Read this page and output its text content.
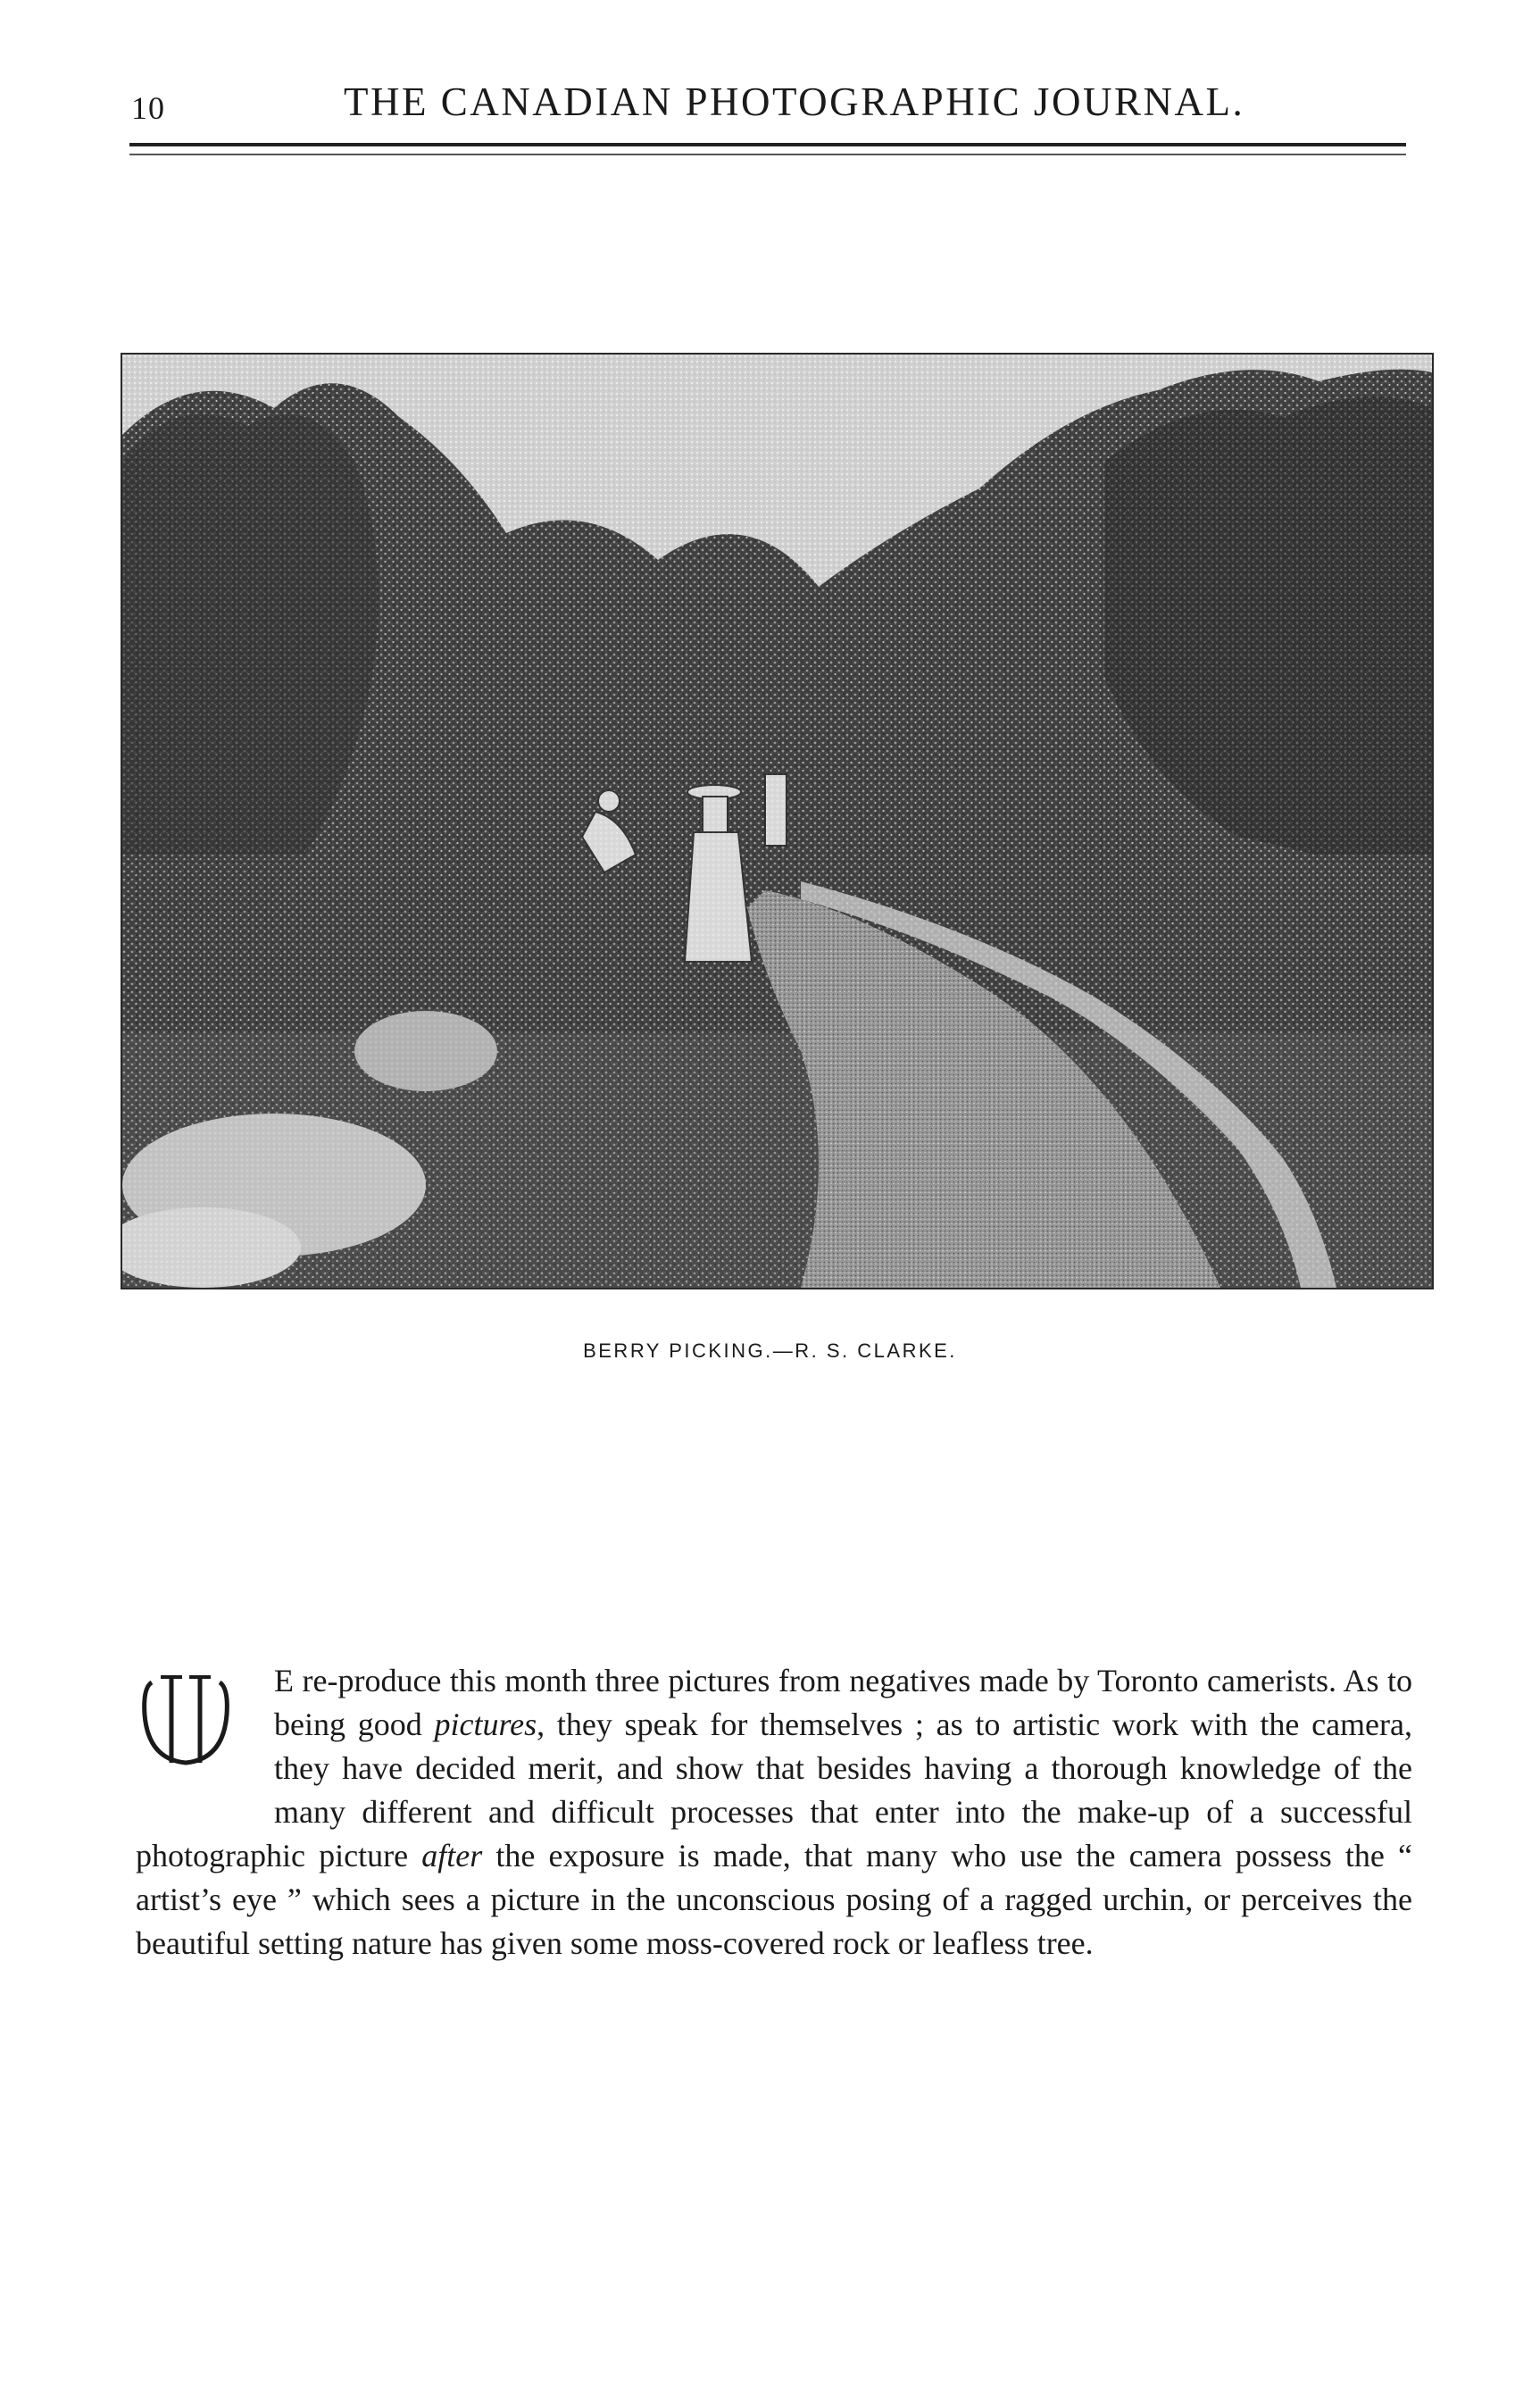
10	THE CANADIAN PHOTOGRAPHIC JOURNAL.
BERRY PICKING.—R. S. CLARKE.

E re-produce this month three pictures from negatives made by Toronto camerists. As to being good pictures, they speak for themselves ; as to artistic work with the camera, they have decided merit, and show that besides having a thorough knowledge of the many different and difficult processes that enter into the make-up of a successful photographic picture after the exposure is made, that many who use the camera possess the “ artist’s eye ” which sees a picture in the unconscious posing of a ragged urchin, or perceives the beautiful setting nature has given some moss-covered rock or leafless tree.
